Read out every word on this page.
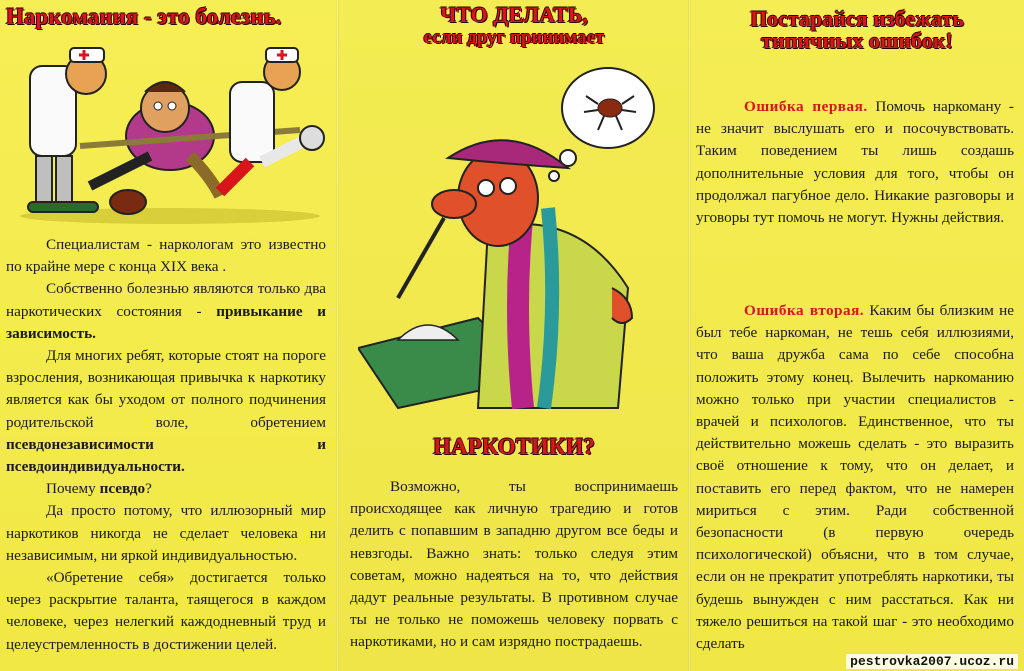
Наркомания - это болезнь.

Специалистам - наркологам это известно по крайне мере с конца XIX века .

Собственно болезнью являются только два наркотических состояния - привыкание и зависимость.

Для многих ребят, которые стоят на пороге взросления, возникающая привычка к наркотику является как бы уходом от полного подчинения родительской воле, обретением псевдонезависимости и псевдоиндивидуальности.

Почему псевдо?

Да просто потому, что иллюзорный мир наркотиков никогда не сделает человека ни независимым, ни яркой индивидуальностью.

«Обретение себя» достигается только через раскрытие таланта, таящегося в каждом человеке, через нелегкий каждодневный труд и целеустремленность в достижении целей.

ЧТО ДЕЛАТЬ,
если друг принимает
НАРКОТИКИ?

Возможно, ты воспринимаешь происходящее как личную трагедию и готов делить с попавшим в западню другом все беды и невзгоды. Важно знать: только следуя этим советам, можно надеяться на то, что действия дадут реальные результаты. В противном случае ты не только не поможешь человеку порвать с наркотиками, но и сам изрядно пострадаешь.

Постарайся избежать
типичных ошибок!

Ошибка первая. Помочь наркоману - не значит выслушать его и посочувствовать. Таким поведением ты лишь создашь дополнительные условия для того, чтобы он продолжал пагубное дело. Никакие разговоры и уговоры тут помочь не могут. Нужны действия.

Ошибка вторая. Каким бы близким не был тебе наркоман, не тешь себя иллюзиями, что ваша дружба сама по себе способна положить этому конец. Вылечить наркоманию можно только при участии специалистов - врачей и психологов. Единственное, что ты действительно можешь сделать - это выразить своё отношение к тому, что он делает, и поставить его перед фактом, что не намерен мириться с этим. Ради собственной безопасности (в первую очередь психологической) объясни, что в том случае, если он не прекратит употреблять наркотики, ты будешь вынужден с ним расстаться. Как ни тяжело решиться на такой шаг - это необходимо сделать

pestrovka2007.ucoz.ru
